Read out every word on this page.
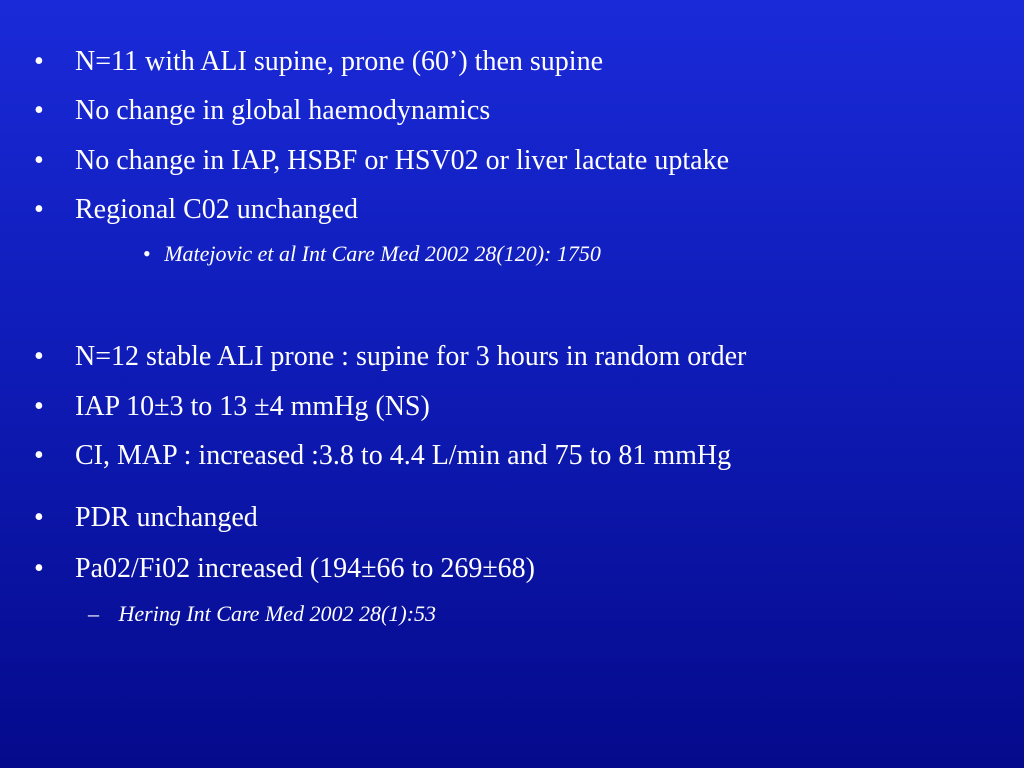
•	N=11 with ALI supine, prone (60’) then supine
•	No change in global haemodynamics
•	No change in IAP, HSBF or HSV02 or liver lactate uptake
•	Regional C02 unchanged
• Matejovic et al Int Care Med 2002 28(120): 1750
•	N=12 stable ALI prone : supine for 3 hours in random order
•	IAP 10±3 to 13 ±4 mmHg (NS)
•	CI, MAP : increased :3.8 to 4.4 L/min and 75 to 81 mmHg
•	PDR unchanged
•	Pa02/Fi02 increased (194±66 to 269±68)
– Hering Int Care Med 2002 28(1):53
